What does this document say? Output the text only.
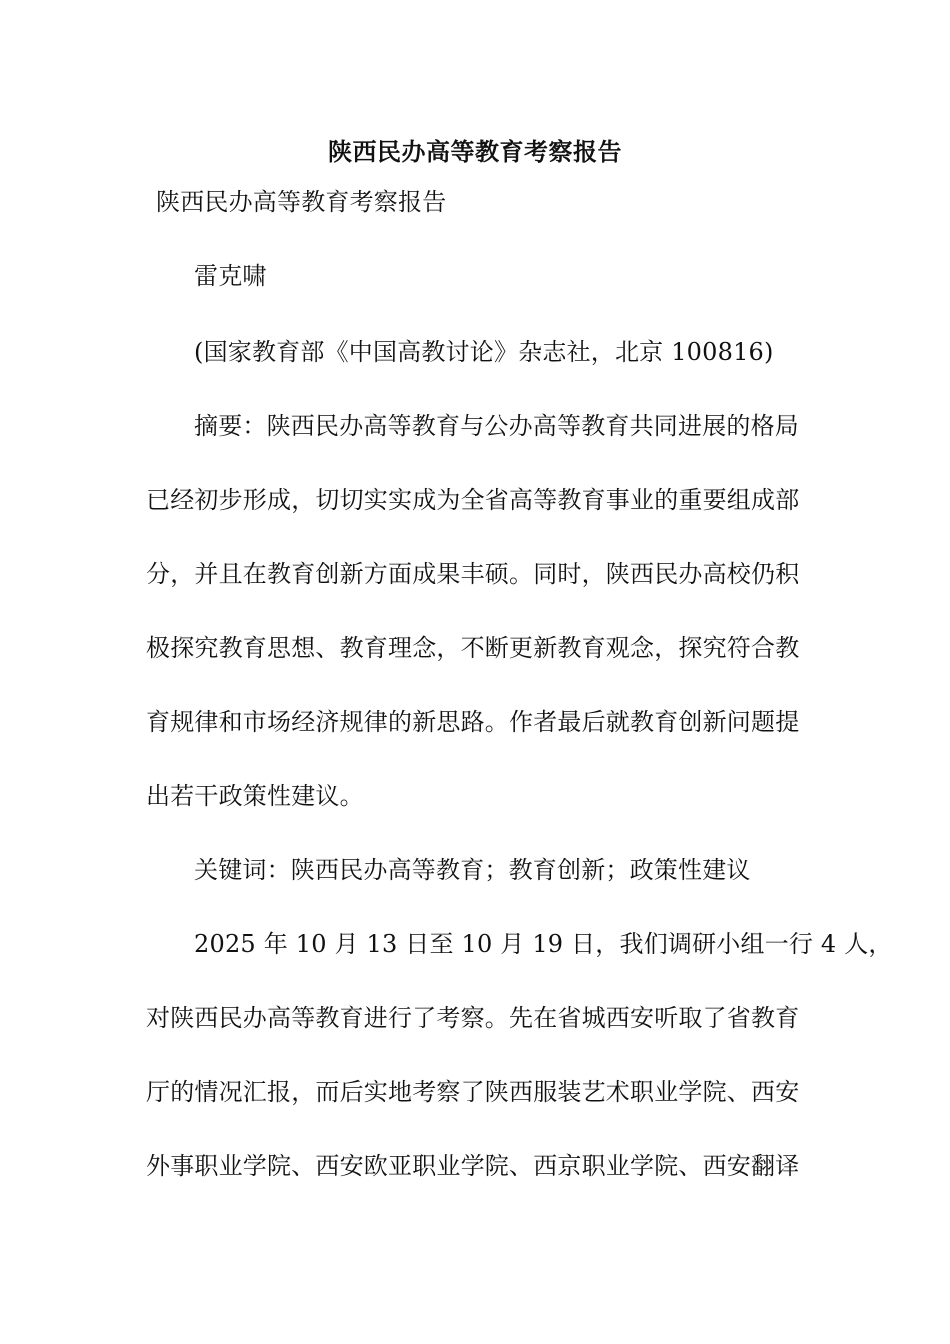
陕西民办高等教育考察报告
陕西民办高等教育考察报告
雷克啸
(国家教育部《中国高教讨论》杂志社，北京 100816)
摘要：陕西民办高等教育与公办高等教育共同进展的格局
已经初步形成，切切实实成为全省高等教育事业的重要组成部
分，并且在教育创新方面成果丰硕。同时，陕西民办高校仍积
极探究教育思想、教育理念，不断更新教育观念，探究符合教
育规律和市场经济规律的新思路。作者最后就教育创新问题提
出若干政策性建议。
关键词：陕西民办高等教育；教育创新；政策性建议
2025 年 10 月 13 日至 10 月 19 日，我们调研小组一行 4 人，
对陕西民办高等教育进行了考察。先在省城西安听取了省教育
厅的情况汇报，而后实地考察了陕西服装艺术职业学院、西安
外事职业学院、西安欧亚职业学院、西京职业学院、西安翻译
